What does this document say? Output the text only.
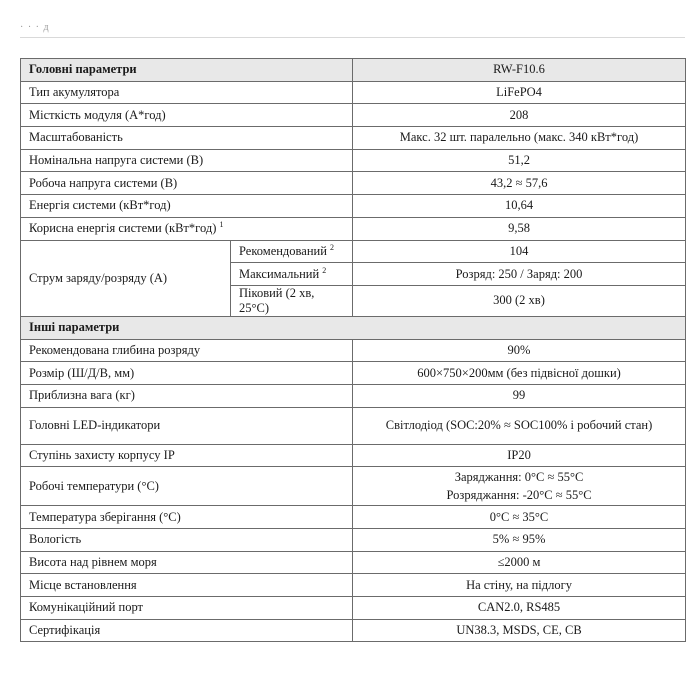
· · · д
Головні параметри		RW-F10.6
Тип акумулятора		LiFePO4
Місткість модуля (А*год)		208
Масштабованість		Макс. 32 шт. паралельно (макс. 340 кВт*год)
Номінальна напруга системи (В)		51,2
Робоча напруга системи (В)		43,2 ≈ 57,6
Енергія системи (кВт*год)		10,64
Корисна енергія системи (кВт*год) $^1$		9,58
Струм заряду/розряду (А)	Рекомендований $^2$	104
	Максимальний $^2$	Розряд: 250 / Заряд: 200
	Піковий (2 хв, 25°С)	300 (2 хв)
Інші параметри		
Рекомендована глибина розряду		90%
Розмір (Ш/Д/В, мм)		600×750×200мм (без підвісної дошки)
Приблизна вага (кг)		99
Головні LED-індикатори		Світлодіод (SOC:20% ≈ SOC100% і робочий стан)
Ступінь захисту корпусу IP		IP20
Робочі температури (°С)		Заряджання: 0°C ≈ 55°C
Розряджання: -20°C ≈ 55°C

Температура зберігання (°С)		0°C ≈ 35°C
Вологість		5% ≈ 95%
Висота над рівнем моря		≤2000 м
Місце встановлення		На стіну, на підлогу
Комунікаційний порт		CAN2.0, RS485
Сертифікація		UN38.3, MSDS, CE, CB
